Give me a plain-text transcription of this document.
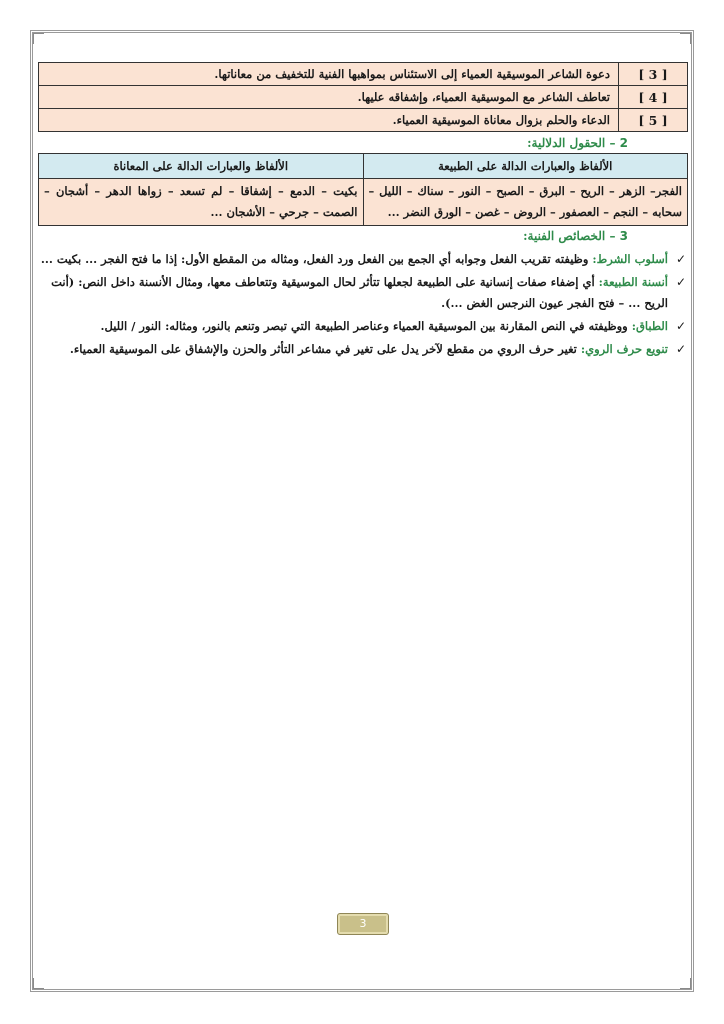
[ 3 ]	دعوة الشاعر الموسيقية العمياء إلى الاستئناس بمواهبها الفنية للتخفيف من معاناتها.
[ 4 ]	تعاطف الشاعر مع الموسيقية العمياء، وإشفاقه عليها.
[ 5 ]	الدعاء والحلم بزوال معاناة الموسيقية العمياء.
2 – الحقول الدلالية:
الألفاظ والعبارات الدالة على الطبيعة	الألفاظ والعبارات الدالة على المعاناة
الفجر– الزهر – الريح – البرق – الصبح – النور – سناك – الليل – سحابه – النجم – العصفور – الروض – غصن – الورق النضر ...	بكيت – الدمع – إشفاقا – لم تسعد – زواها الدهر – أشجان – الصمت – جرحي – الأشجان ...
3 – الخصائص الفنية:
✓
أسلوب الشرط: وظيفته تقريب الفعل وجوابه أي الجمع بين الفعل ورد الفعل، ومثاله من المقطع الأول: إذا ما فتح الفجر ... بكيت ...
✓
أنسنة الطبيعة: أي إضفاء صفات إنسانية على الطبيعة لجعلها تتأثر لحال الموسيقية وتتعاطف معها، ومثال الأنسنة داخل النص: (أنت الريح ... – فتح الفجر عيون النرجس الغض ...).
✓
الطباق: ووظيفته في النص المقارنة بين الموسيقية العمياء وعناصر الطبيعة التي تبصر وتنعم بالنور، ومثاله: النور / الليل.
✓
تنويع حرف الروي: تغير حرف الروي من مقطع لآخر يدل على تغير في مشاعر التأثر والحزن والإشفاق على الموسيقية العمياء.
3
